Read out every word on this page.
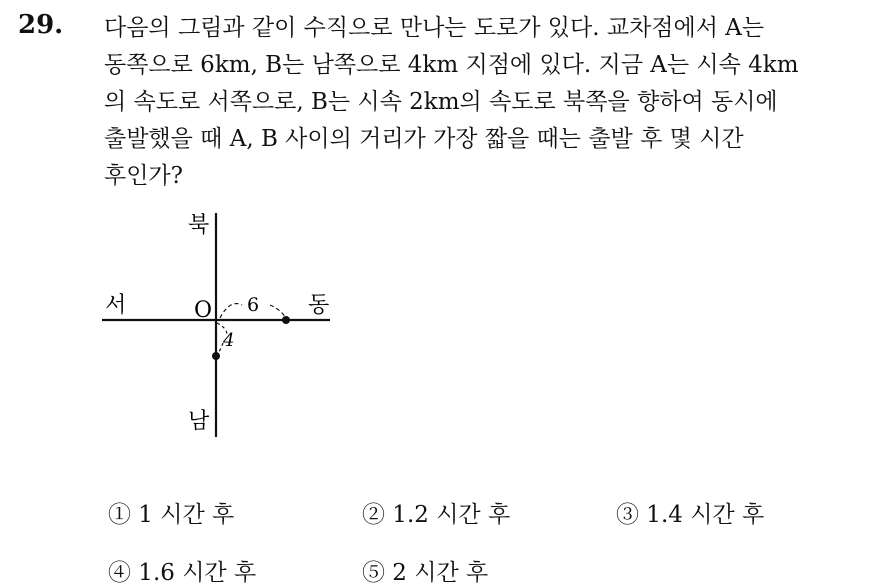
29. 다음의 그림과 같이 수직으로 만나는 도로가 있다. 교차점에서 A는
동쪽으로 6km, B는 남쪽으로 4km 지점에 있다. 지금 A는 시속 4km
의 속도로 서쪽으로, B는 시속 2km의 속도로 북쪽을 향하여 동시에
출발했을 때 A, B 사이의 거리가 가장 짧을 때는 출발 후 몇 시간
후인가?
북
남
서	동
O 6
4
① 1 시간 후	② 1.2 시간 후	③ 1.4 시간 후
④ 1.6 시간 후	⑤ 2 시간 후
